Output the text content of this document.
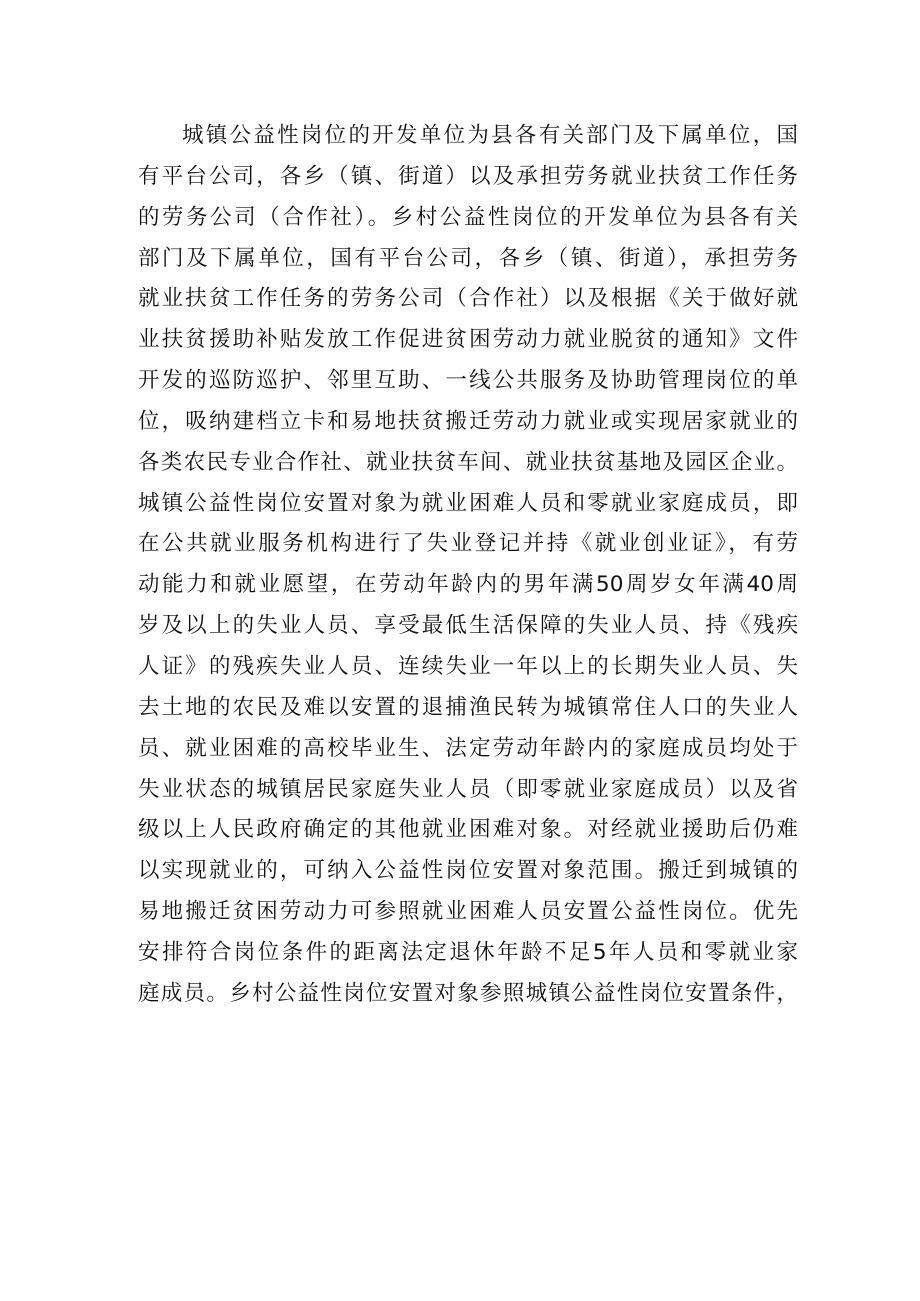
城镇公益性岗位的开发单位为县各有关部门及下属单位，国
有平台公司，各乡（镇、街道）以及承担劳务就业扶贫工作任务
的劳务公司（合作社）。乡村公益性岗位的开发单位为县各有关
部门及下属单位，国有平台公司，各乡（镇、街道），承担劳务
就业扶贫工作任务的劳务公司（合作社）以及根据《关于做好就
业扶贫援助补贴发放工作促进贫困劳动力就业脱贫的通知》文件
开发的巡防巡护、邻里互助、一线公共服务及协助管理岗位的单
位，吸纳建档立卡和易地扶贫搬迁劳动力就业或实现居家就业的
各类农民专业合作社、就业扶贫车间、就业扶贫基地及园区企业。
城镇公益性岗位安置对象为就业困难人员和零就业家庭成员，即
在公共就业服务机构进行了失业登记并持《就业创业证》，有劳
动能力和就业愿望，在劳动年龄内的男年满50周岁女年满40周
岁及以上的失业人员、享受最低生活保障的失业人员、持《残疾
人证》的残疾失业人员、连续失业一年以上的长期失业人员、失
去土地的农民及难以安置的退捕渔民转为城镇常住人口的失业人
员、就业困难的高校毕业生、法定劳动年龄内的家庭成员均处于
失业状态的城镇居民家庭失业人员（即零就业家庭成员）以及省
级以上人民政府确定的其他就业困难对象。对经就业援助后仍难
以实现就业的，可纳入公益性岗位安置对象范围。搬迁到城镇的
易地搬迁贫困劳动力可参照就业困难人员安置公益性岗位。优先
安排符合岗位条件的距离法定退休年龄不足5年人员和零就业家
庭成员。乡村公益性岗位安置对象参照城镇公益性岗位安置条件，
